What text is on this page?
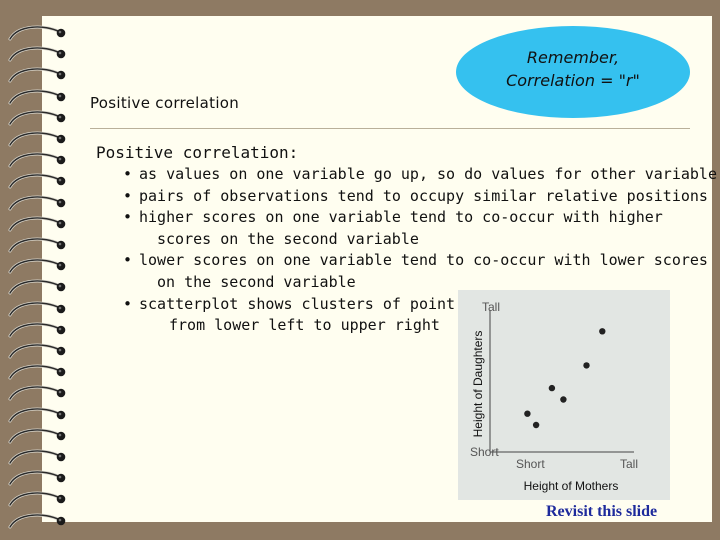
Positive correlation
Remember,
Correlation = "r"
Positive correlation:
• as values on one variable go up, so do values for other variable
• pairs of observations tend to occupy similar relative positions
• higher scores on one variable tend to co-occur with higher
scores on the second variable
• lower scores on one variable tend to co-occur with lower scores
on the second variable
• scatterplot shows clusters of point
from lower left to upper right
Tall
Short
Short	Tall
Height of Mothers
Height of Daughters
Revisit this slide
